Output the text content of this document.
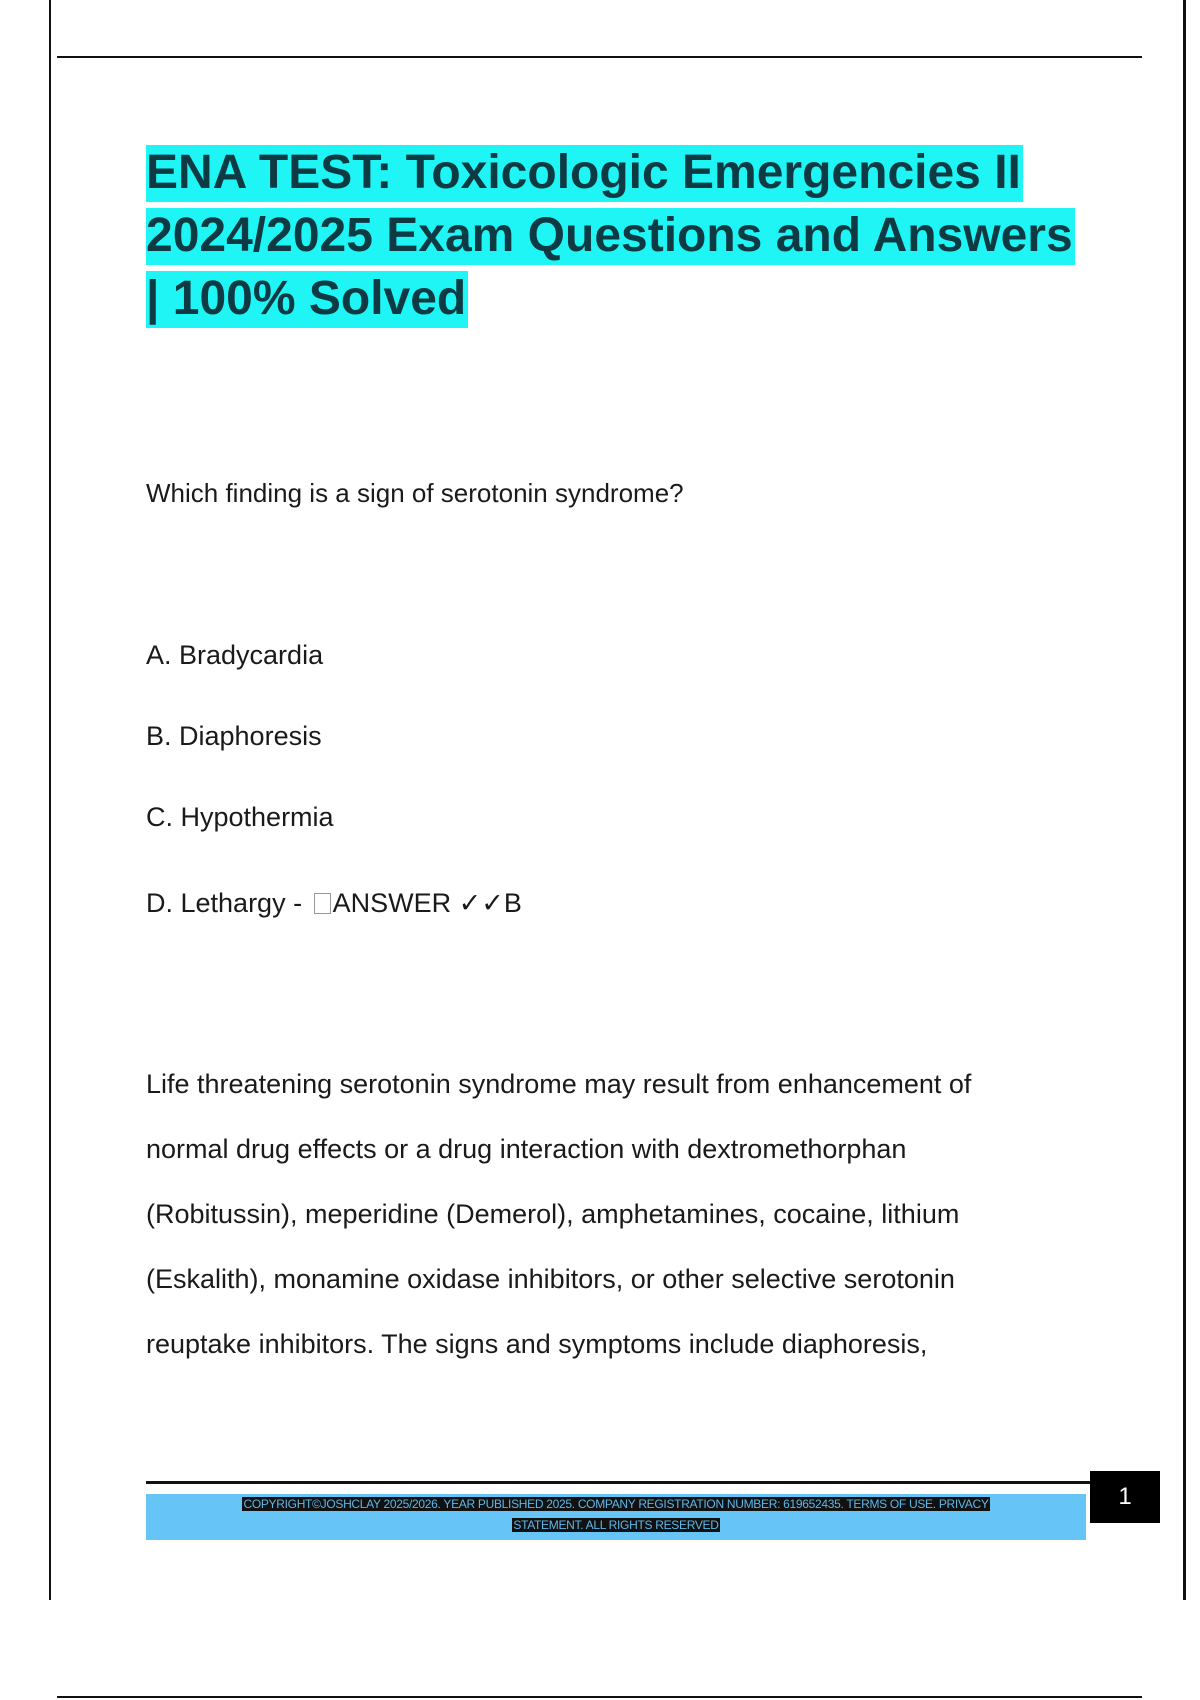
ENA TEST: Toxicologic Emergencies II
2024/2025 Exam Questions and Answers
| 100% Solved

Which finding is a sign of serotonin syndrome?

A. Bradycardia

B. Diaphoresis

C. Hypothermia

D. Lethargy - ANSWER ✓✓B

Life threatening serotonin syndrome may result from enhancement of
normal drug effects or a drug interaction with dextromethorphan
(Robitussin), meperidine (Demerol), amphetamines, cocaine, lithium
(Eskalith), monamine oxidase inhibitors, or other selective serotonin
reuptake inhibitors. The signs and symptoms include diaphoresis,
COPYRIGHT©JOSHCLAY 2025/2026. YEAR PUBLISHED 2025. COMPANY REGISTRATION NUMBER: 619652435. TERMS OF USE. PRIVACY
STATEMENT. ALL RIGHTS RESERVED
1
